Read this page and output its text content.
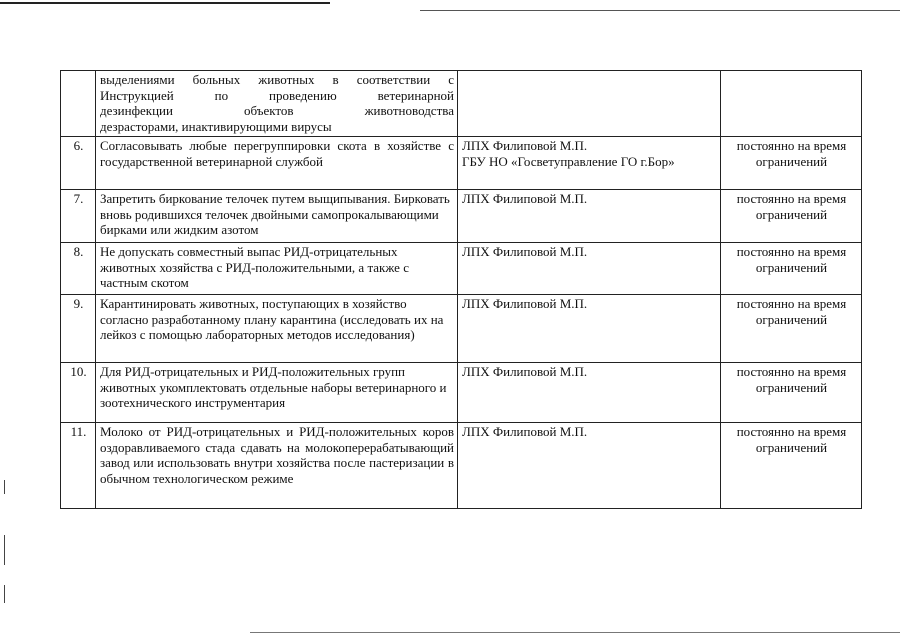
	выделениями больных животных в соответствии с
Инструкцией по проведению ветеринарной
дезинфекции объектов животноводства
дезрасторами, инактивирующими вирусы		

6.	Согласовывать любые перегруппировки скота в хозяйстве с государственной ветеринарной службой	ЛПХ Филиповой М.П.
ГБУ НО «Госветуправление ГО г.Бор»	постоянно на время ограничений
7.	Запретить биркование телочек путем выщипывания. Бирковать вновь родившихся телочек двойными самопрокалывающими бирками или жидким азотом	ЛПХ Филиповой М.П.	постоянно на время ограничений
8.	Не допускать совместный выпас РИД-отрицательных животных хозяйства с РИД-положительными, а также с частным скотом	ЛПХ Филиповой М.П.	постоянно на время ограничений
9.	Карантинировать животных, поступающих в хозяйство согласно разработанному плану карантина (исследовать их на лейкоз с помощью лабораторных методов исследования)	ЛПХ Филиповой М.П.	постоянно на время ограничений
10.	Для РИД-отрицательных и РИД-положительных групп животных укомплектовать отдельные наборы ветеринарного и зоотехнического инструментария	ЛПХ Филиповой М.П.	постоянно на время ограничений
11.	Молоко от РИД-отрицательных и РИД-положительных коров оздоравливаемого стада сдавать на молокоперерабатывающий завод или использовать внутри хозяйства после пастеризации в обычном технологическом режиме	ЛПХ Филиповой М.П.	постоянно на время ограничений
